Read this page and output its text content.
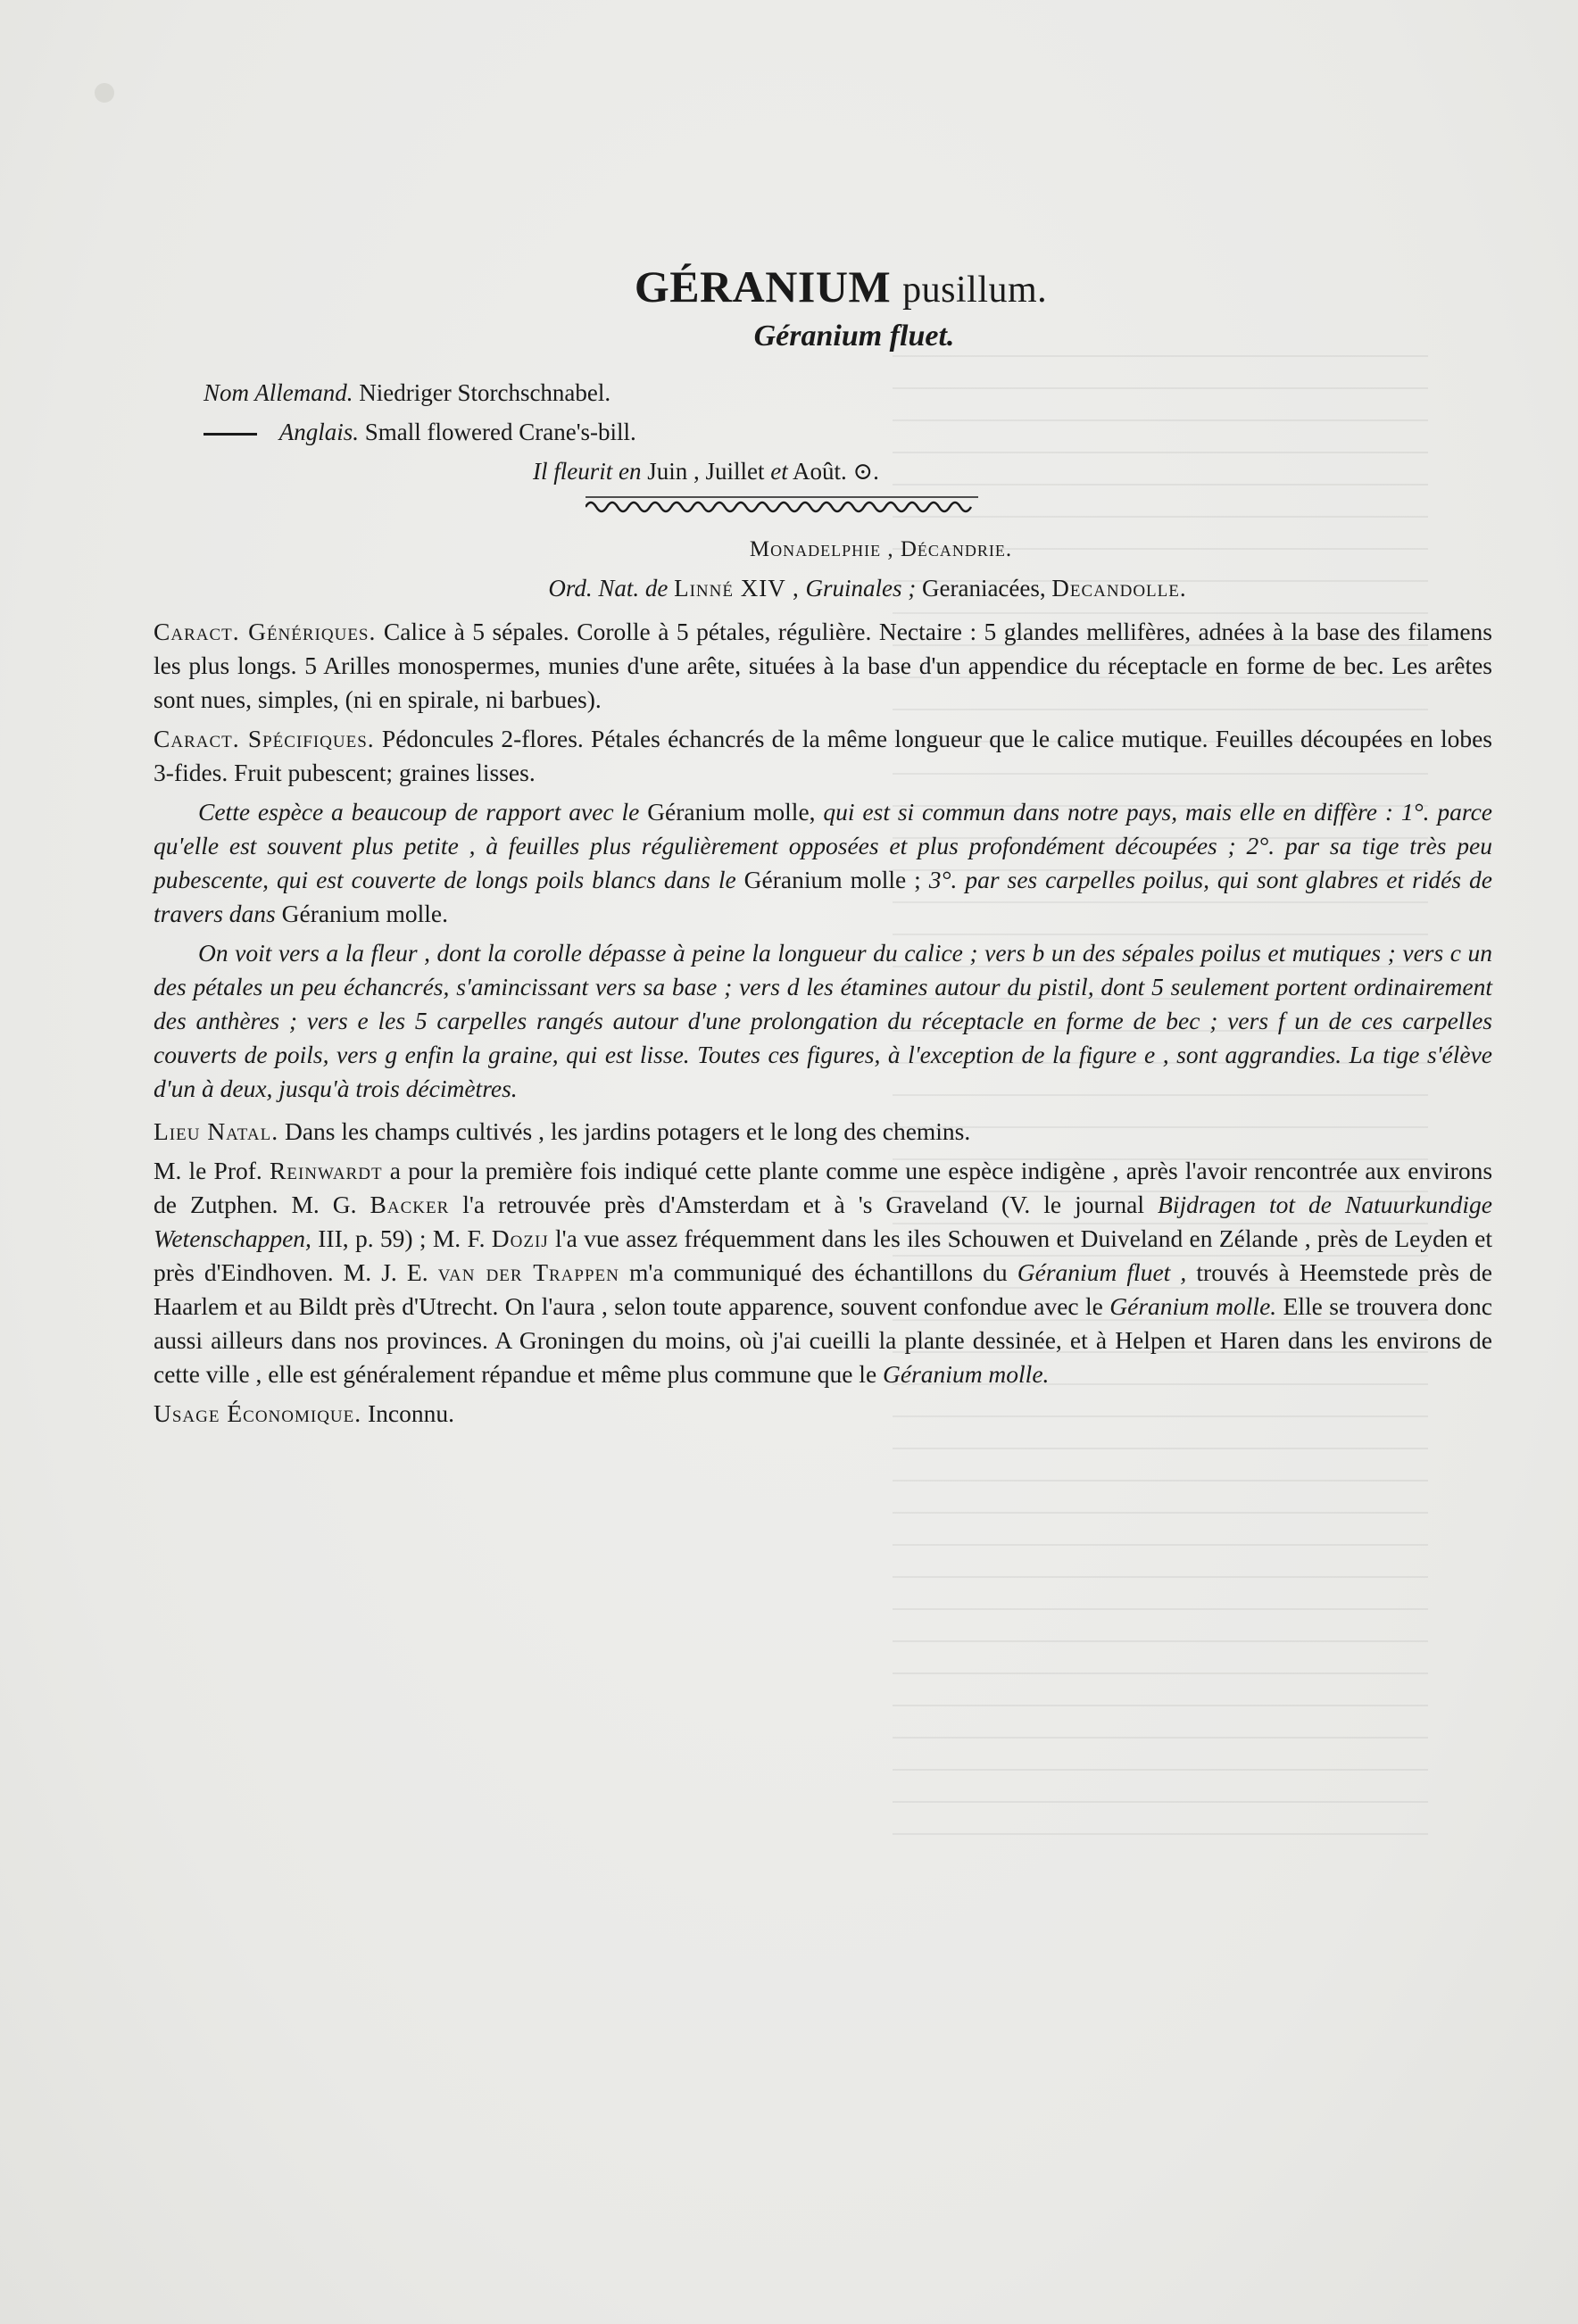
GÉRANIUM pusillum.
Géranium fluet.
Nom Allemand. Niedriger Storchschnabel.
Anglais. Small flowered Crane's-bill.
Il fleurit en Juin , Juillet et Août. ⊙.
Monadelphie , Décandrie.
Ord. Nat. de Linné XIV , Gruinales ; Geraniacées, Decandolle.

Caract. Génériques. Calice à 5 sépales. Corolle à 5 pétales, régulière. Nectaire : 5 glandes mellifères, adnées à la base des filamens les plus longs. 5 Arilles monospermes, munies d'une arête, situées à la base d'un appendice du réceptacle en forme de bec. Les arêtes sont nues, simples, (ni en spirale, ni barbues).

Caract. Spécifiques. Pédoncules 2-flores. Pétales échancrés de la même longueur que le calice mutique. Feuilles découpées en lobes 3-fides. Fruit pubescent; graines lisses.

Cette espèce a beaucoup de rapport avec le Géranium molle, qui est si commun dans notre pays, mais elle en diffère : 1°. parce qu'elle est souvent plus petite , à feuilles plus régulièrement opposées et plus profondément découpées ; 2°. par sa tige très peu pubescente, qui est couverte de longs poils blancs dans le Géranium molle ; 3°. par ses carpelles poilus, qui sont glabres et ridés de travers dans Géranium molle.

On voit vers a la fleur , dont la corolle dépasse à peine la longueur du calice ; vers b un des sépales poilus et mutiques ; vers c un des pétales un peu échancrés, s'amincissant vers sa base ; vers d les étamines autour du pistil, dont 5 seulement portent ordinairement des anthères ; vers e les 5 carpelles rangés autour d'une prolongation du réceptacle en forme de bec ; vers f un de ces carpelles couverts de poils, vers g enfin la graine, qui est lisse. Toutes ces figures, à l'exception de la figure e , sont aggrandies. La tige s'élève d'un à deux, jusqu'à trois décimètres.

Lieu Natal. Dans les champs cultivés , les jardins potagers et le long des chemins.

M. le Prof. Reinwardt a pour la première fois indiqué cette plante comme une espèce indigène , après l'avoir rencontrée aux environs de Zutphen. M. G. Backer l'a retrouvée près d'Amsterdam et à 's Graveland (V. le journal Bijdragen tot de Natuurkundige Wetenschappen, III, p. 59) ; M. F. Dozij l'a vue assez fréquemment dans les iles Schouwen et Duiveland en Zélande , près de Leyden et près d'Eindhoven. M. J. E. van der Trappen m'a communiqué des échantillons du Géranium fluet , trouvés à Heemstede près de Haarlem et au Bildt près d'Utrecht. On l'aura , selon toute apparence, souvent confondue avec le Géranium molle. Elle se trouvera donc aussi ailleurs dans nos provinces. A Groningen du moins, où j'ai cueilli la plante dessinée, et à Helpen et Haren dans les environs de cette ville , elle est généralement répandue et même plus commune que le Géranium molle.

Usage Économique. Inconnu.
